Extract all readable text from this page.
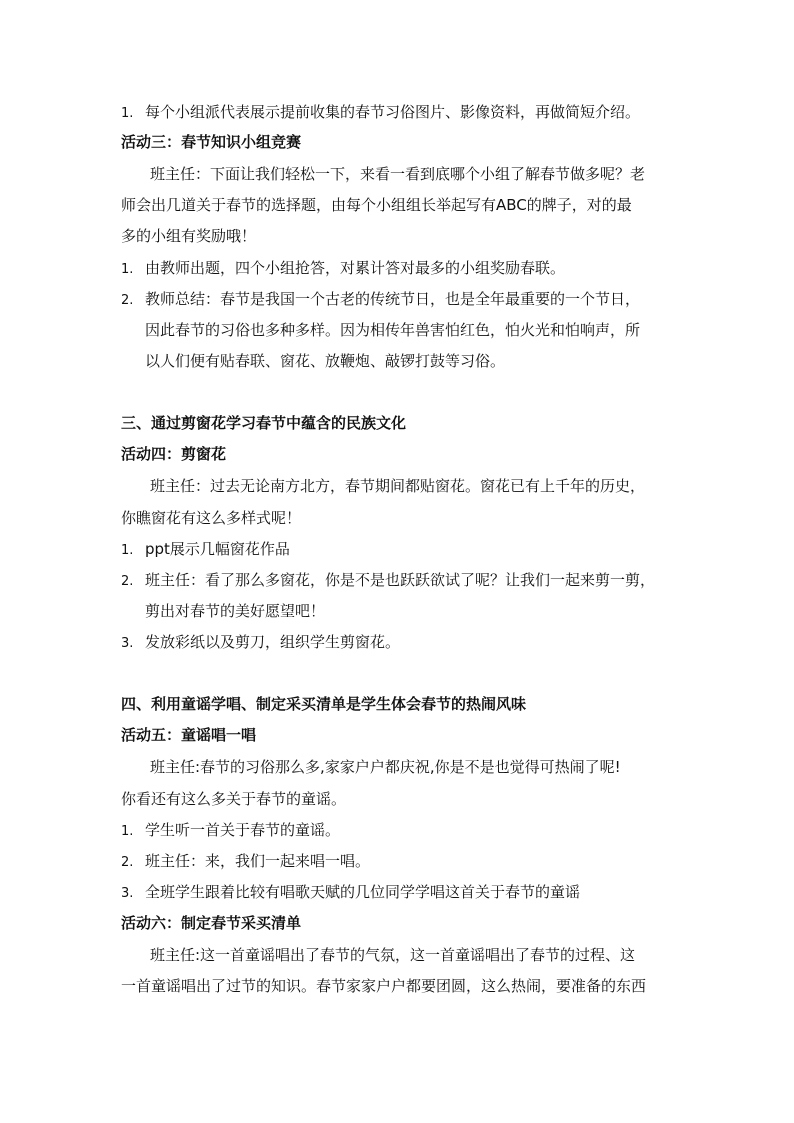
1. 每个小组派代表展示提前收集的春节习俗图片、影像资料，再做简短介绍。
活动三：春节知识小组竞赛
班主任：下面让我们轻松一下，来看一看到底哪个小组了解春节做多呢？老
师会出几道关于春节的选择题，由每个小组组长举起写有ABC的牌子，对的最
多的小组有奖励哦！
1. 由教师出题，四个小组抢答，对累计答对最多的小组奖励春联。
2. 教师总结：春节是我国一个古老的传统节日，也是全年最重要的一个节日，
因此春节的习俗也多种多样。因为相传年兽害怕红色，怕火光和怕响声，所
以人们便有贴春联、窗花、放鞭炮、敲锣打鼓等习俗。
三、通过剪窗花学习春节中蕴含的民族文化
活动四：剪窗花
班主任：过去无论南方北方，春节期间都贴窗花。窗花已有上千年的历史，
你瞧窗花有这么多样式呢！
1. ppt展示几幅窗花作品
2. 班主任：看了那么多窗花，你是不是也跃跃欲试了呢？让我们一起来剪一剪，
剪出对春节的美好愿望吧！
3. 发放彩纸以及剪刀，组织学生剪窗花。
四、利用童谣学唱、制定采买清单是学生体会春节的热闹风味
活动五：童谣唱一唱
班主任:春节的习俗那么多,家家户户都庆祝,你是不是也觉得可热闹了呢!
你看还有这么多关于春节的童谣。
1. 学生听一首关于春节的童谣。
2. 班主任：来，我们一起来唱一唱。
3. 全班学生跟着比较有唱歌天赋的几位同学学唱这首关于春节的童谣
活动六：制定春节采买清单
班主任:这一首童谣唱出了春节的气氛，这一首童谣唱出了春节的过程、这
一首童谣唱出了过节的知识。春节家家户户都要团圆，这么热闹，要准备的东西
